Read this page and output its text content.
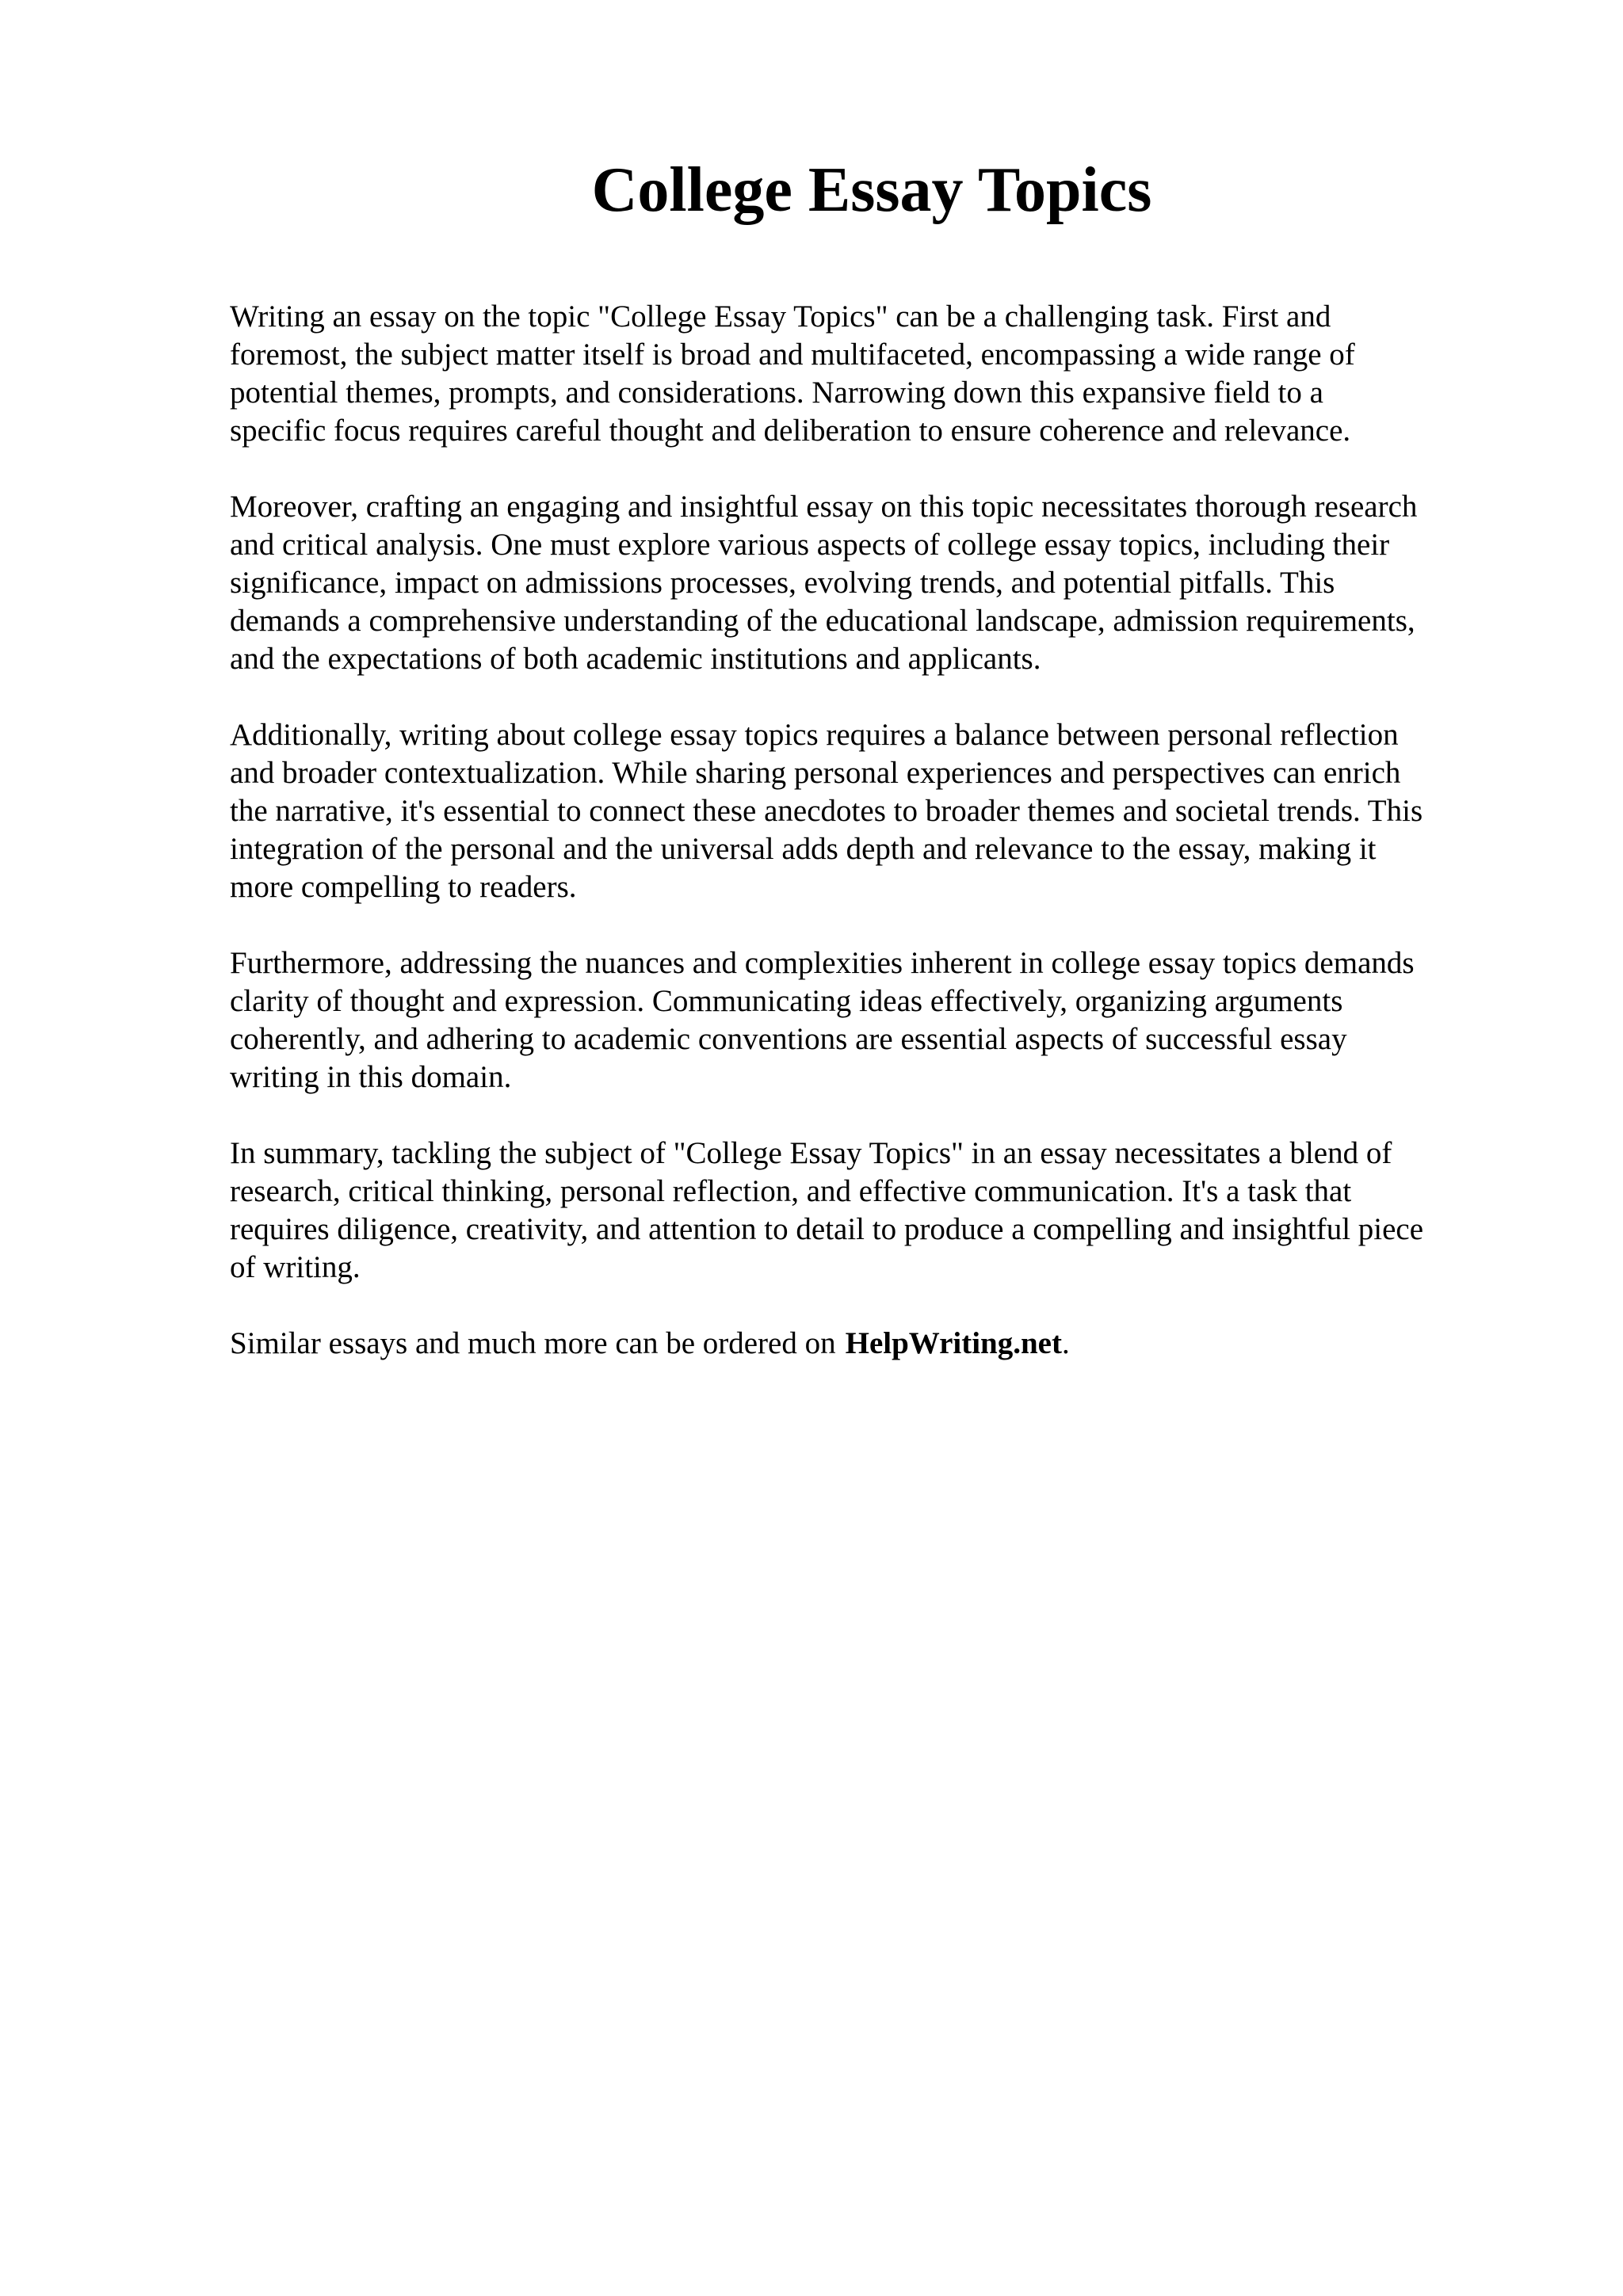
College Essay Topics

Writing an essay on the topic "College Essay Topics" can be a challenging task. First and
foremost, the subject matter itself is broad and multifaceted, encompassing a wide range of
potential themes, prompts, and considerations. Narrowing down this expansive field to a
specific focus requires careful thought and deliberation to ensure coherence and relevance.

Moreover, crafting an engaging and insightful essay on this topic necessitates thorough research
and critical analysis. One must explore various aspects of college essay topics, including their
significance, impact on admissions processes, evolving trends, and potential pitfalls. This
demands a comprehensive understanding of the educational landscape, admission requirements,
and the expectations of both academic institutions and applicants.

Additionally, writing about college essay topics requires a balance between personal reflection
and broader contextualization. While sharing personal experiences and perspectives can enrich
the narrative, it's essential to connect these anecdotes to broader themes and societal trends. This
integration of the personal and the universal adds depth and relevance to the essay, making it
more compelling to readers.

Furthermore, addressing the nuances and complexities inherent in college essay topics demands
clarity of thought and expression. Communicating ideas effectively, organizing arguments
coherently, and adhering to academic conventions are essential aspects of successful essay
writing in this domain.

In summary, tackling the subject of "College Essay Topics" in an essay necessitates a blend of
research, critical thinking, personal reflection, and effective communication. It's a task that
requires diligence, creativity, and attention to detail to produce a compelling and insightful piece
of writing.

Similar essays and much more can be ordered on HelpWriting.net.
